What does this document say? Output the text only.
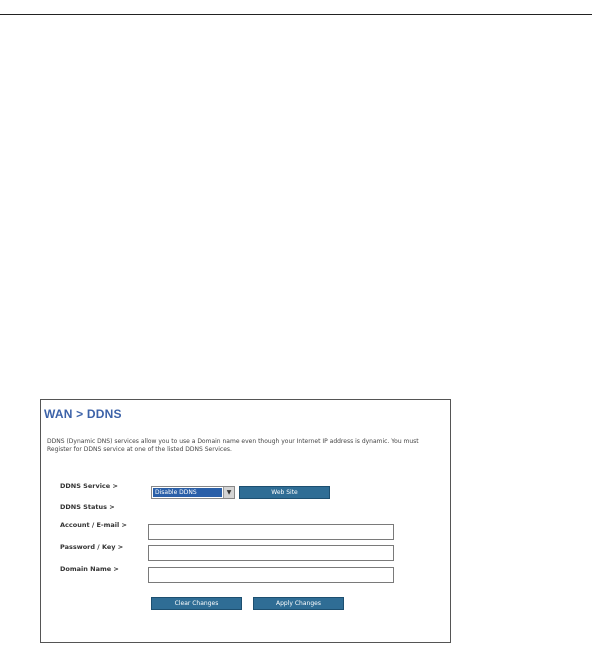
WAN > DDNS
DDNS (Dynamic DNS) services allow you to use a Domain name even though your Internet IP address is dynamic. You must Register for DDNS service at one of the listed DDNS Services.
DDNS Service >
Disable DDNS	▼	Web Site
DDNS Status >
Account / E-mail >
Password / Key >
Domain Name >
Clear Changes	Apply Changes
